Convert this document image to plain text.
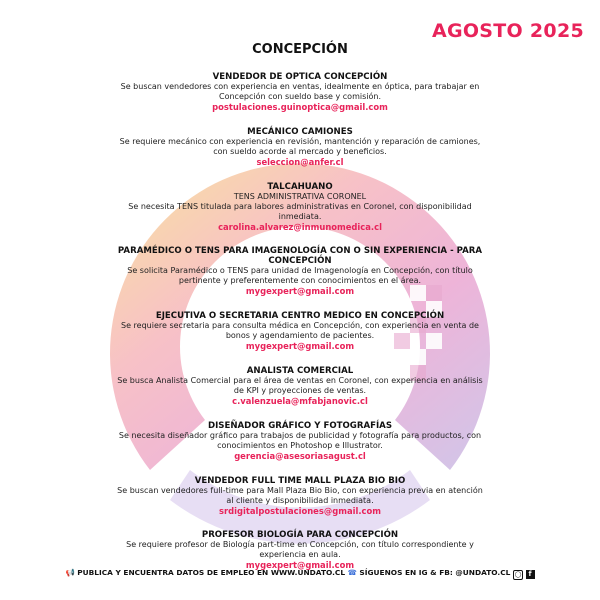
AGOSTO 2025
CONCEPCIÓN
VENDEDOR DE OPTICA CONCEPCIÓN
Se buscan vendedores con experiencia en ventas, idealmente en óptica, para trabajar en
Concepción con sueldo base y comisión.
postulaciones.guinoptica@gmail.com
MECÁNICO CAMIONES
Se requiere mecánico con experiencia en revisión, mantención y reparación de camiones,
con sueldo acorde al mercado y beneficios.
seleccion@anfer.cl
TALCAHUANO
TENS ADMINISTRATIVA CORONEL
Se necesita TENS titulada para labores administrativas en Coronel, con disponibilidad
inmediata.
carolina.alvarez@inmunomedica.cl
PARAMÉDICO O TENS PARA IMAGENOLOGÍA CON O SIN EXPERIENCIA - PARA
CONCEPCIÓN
Se solicita Paramédico o TENS para unidad de Imagenología en Concepción, con título
pertinente y preferentemente con conocimientos en el área.
mygexpert@gmail.com
EJECUTIVA O SECRETARIA CENTRO MEDICO EN CONCEPCIÓN
Se requiere secretaria para consulta médica en Concepción, con experiencia en venta de
bonos y agendamiento de pacientes.
mygexpert@gmail.com
ANALISTA COMERCIAL
Se busca Analista Comercial para el área de ventas en Coronel, con experiencia en análisis
de KPI y proyecciones de ventas.
c.valenzuela@mfabjanovic.cl
DISEÑADOR GRÁFICO Y FOTOGRAFÍAS
Se necesita diseñador gráfico para trabajos de publicidad y fotografía para productos, con
conocimientos en Photoshop e Illustrator.
gerencia@asesoriasagust.cl
VENDEDOR FULL TIME MALL PLAZA BIO BIO
Se buscan vendedores full-time para Mall Plaza Bio Bio, con experiencia previa en atención
al cliente y disponibilidad inmediata.
srdigitalpostulaciones@gmail.com
PROFESOR BIOLOGÍA PARA CONCEPCIÓN
Se requiere profesor de Biología part-time en Concepción, con título correspondiente y
experiencia en aula.
mygexpert@gmail.com
📢 PUBLICA Y ENCUENTRA DATOS DE EMPLEO EN WWW.UNDATO.CL ☎ SÍGUENOS EN IG & FB: @UNDATO.CL ◯ f
